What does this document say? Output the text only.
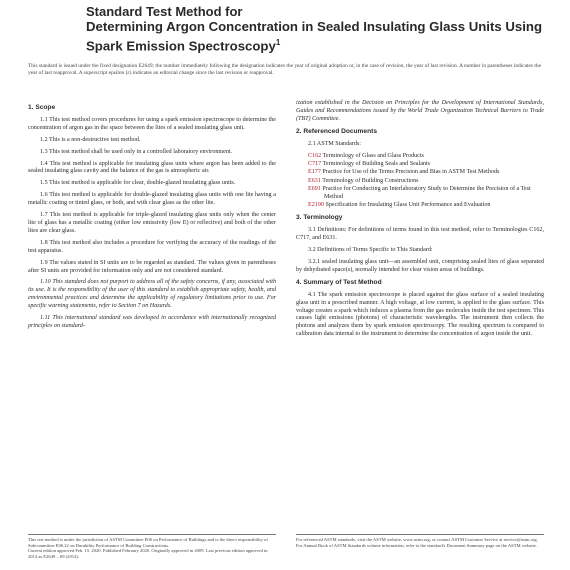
Standard Test Method for
Determining Argon Concentration in Sealed Insulating Glass Units Using Spark Emission Spectroscopy$^1$
This standard is issued under the fixed designation E2649; the number immediately following the designation indicates the year of original adoption or, in the case of revision, the year of last revision. A number in parentheses indicates the year of last reapproval. A superscript epsilon (ε) indicates an editorial change since the last revision or reapproval.
1. Scope

1.1 This test method covers procedures for using a spark emission spectroscope to determine the concentration of argon gas in the space between the lites of a sealed insulating glass unit.

1.2 This is a non-destructive test method.

1.3 This test method shall be used only in a controlled laboratory environment.

1.4 This test method is applicable for insulating glass units where argon has been added to the sealed insulating glass cavity and the balance of the gas is atmospheric air.

1.5 This test method is applicable for clear, double-glazed insulating glass units.

1.6 This test method is applicable for double-glazed insulating glass units with one lite having a metallic coating or tinted glass, or both, and with clear glass as the other lite.

1.7 This test method is applicable for triple-glazed insulating glass units only when the center lite of glass has a metallic coating (either low emissivity (low E) or reflective) and both of the other lites are clear glass.

1.8 This test method also includes a procedure for verifying the accuracy of the readings of the test apparatus.

1.9 The values stated in SI units are to be regarded as standard. The values given in parentheses after SI units are provided for information only and are not considered standard.

1.10 This standard does not purport to address all of the safety concerns, if any, associated with its use. It is the responsibility of the user of this standard to establish appropriate safety, health, and environmental practices and determine the applicability of regulatory limitations prior to use. For specific warning statements, refer to Section 7 on Hazards.

1.11 This international standard was developed in accordance with internationally recognized principles on standard-

This test method is under the jurisdiction of ASTM Committee E06 on Performance of Buildings and is the direct responsibility of Subcommittee E06.22 on Durability Performance of Building Constructions.
Current edition approved Feb. 15, 2020. Published February 2020. Originally approved in 2009. Last previous edition approved in 2014 as E2649 – 09 (2014).

ization established in the Decision on Principles for the Development of International Standards, Guides and Recommendations issued by the World Trade Organization Technical Barriers to Trade (TBT) Committee.

2. Referenced Documents

2.1 ASTM Standards:

C162 Terminology of Glass and Glass Products
C717 Terminology of Building Seals and Sealants
E177 Practice for Use of the Terms Precision and Bias in ASTM Test Methods
E631 Terminology of Building Constructions
E691 Practice for Conducting an Interlaboratory Study to Determine the Precision of a Test Method
E2190 Specification for Insulating Glass Unit Performance and Evaluation
3. Terminology

3.1 Definitions: For definitions of terms found in this test method, refer to Terminologies C162, C717, and E631.

3.2 Definitions of Terms Specific to This Standard:

3.2.1 sealed insulating glass unit—an assembled unit, comprising sealed lites of glass separated by dehydrated space(s), normally intended for clear vision areas of buildings.

4. Summary of Test Method

4.1 The spark emission spectroscope is placed against the glass surface of a sealed insulating glass unit in a prescribed manner. A high voltage, at low current, is applied to the glass surface. This voltage creates a spark which induces a plasma from the gas molecules inside the test specimen. This causes light emissions (photons) of characteristic wavelengths. The instrument then collects the photons and analyzes them by spark emission spectroscopy. The resulting spectrum is compared to calibration data internal to the instrument to determine the concentration of argon inside the unit.

For referenced ASTM standards, visit the ASTM website, www.astm.org, or contact ASTM Customer Service at service@astm.org. For Annual Book of ASTM Standards volume information, refer to the standard's Document Summary page on the ASTM website.
